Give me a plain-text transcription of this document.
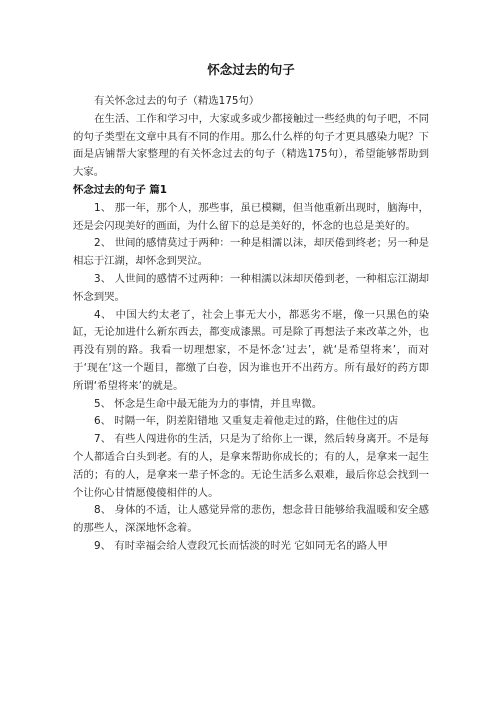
怀念过去的句子

有关怀念过去的句子（精选175句）

在生活、工作和学习中，大家或多或少都接触过一些经典的句子吧，不同的句子类型在文章中具有不同的作用。那么什么样的句子才更具感染力呢？下面是店铺帮大家整理的有关怀念过去的句子（精选175句），希望能够帮助到大家。

怀念过去的句子 篇1

1、 那一年，那个人，那些事，虽已模糊，但当他重新出现时，脑海中，还是会闪现美好的画面，为什么留下的总是美好的，怀念的也总是美好的。

2、 世间的感情莫过于两种：一种是相濡以沫，却厌倦到终老；另一种是相忘于江湖，却怀念到哭泣。

3、 人世间的感情不过两种：一种相濡以沫却厌倦到老，一种相忘江湖却怀念到哭。

4、 中国大约太老了，社会上事无大小，都恶劣不堪，像一只黑色的染缸，无论加进什么新东西去，都变成漆黑。可是除了再想法子来改革之外，也再没有别的路。我看一切理想家，不是怀念‘过去’，就‘是希望将来’，而对于‘现在’这一个题目，都缴了白卷，因为谁也开不出药方。所有最好的药方即所谓‘希望将来’的就是。

5、 怀念是生命中最无能为力的事情，并且卑微。

6、 时隔一年，阴差阳错地 又重复走着他走过的路，住他住过的店

7、 有些人闯进你的生活，只是为了给你上一课，然后转身离开。不是每个人都适合白头到老。有的人，是拿来帮助你成长的；有的人，是拿来一起生活的；有的人，是拿来一辈子怀念的。无论生活多么艰难，最后你总会找到一个让你心甘情愿傻傻相伴的人。

8、 身体的不适，让人感觉异常的悲伤，想念昔日能够给我温暖和安全感的那些人，深深地怀念着。

9、 有时幸福会给人壹段冗长而恬淡的时光 它如同无名的路人甲
